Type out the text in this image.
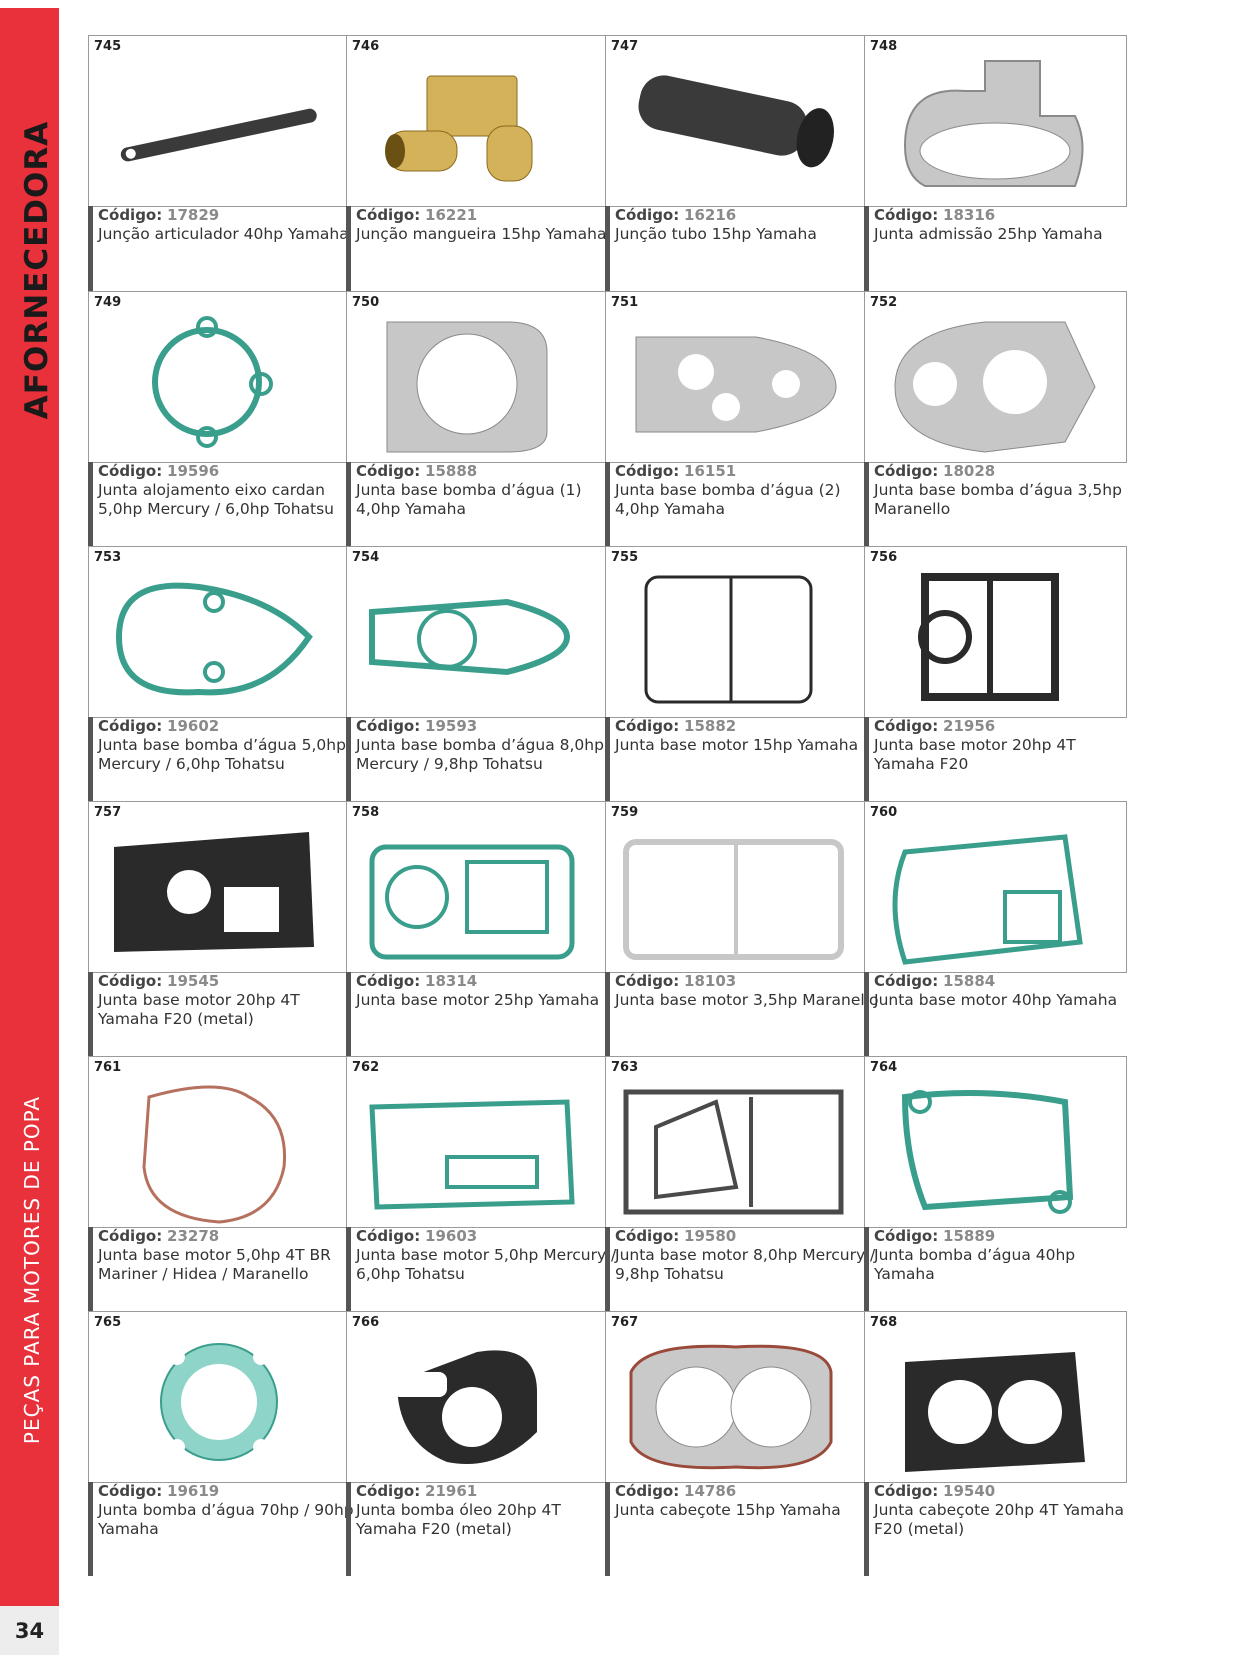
AFORNECEDORA
PEÇAS PARA MOTORES DE POPA
34
745
Código: 17829
Junção articulador 40hp Yamaha
746
Código: 16221
Junção mangueira 15hp Yamaha
747
Código: 16216
Junção tubo 15hp Yamaha
748
Código: 18316
Junta admissão 25hp Yamaha
749
Código: 19596
Junta alojamento eixo cardan
5,0hp Mercury / 6,0hp Tohatsu
750
Código: 15888
Junta base bomba d’água (1)
4,0hp Yamaha
751
Código: 16151
Junta base bomba d’água (2)
4,0hp Yamaha
752
Código: 18028
Junta base bomba d’água 3,5hp
Maranello
753
Código: 19602
Junta base bomba d’água 5,0hp
Mercury / 6,0hp Tohatsu
754
Código: 19593
Junta base bomba d’água 8,0hp
Mercury / 9,8hp Tohatsu
755
Código: 15882
Junta base motor 15hp Yamaha
756
Código: 21956
Junta base motor 20hp 4T
Yamaha F20
757
Código: 19545
Junta base motor 20hp 4T
Yamaha F20 (metal)
758
Código: 18314
Junta base motor 25hp Yamaha
759
Código: 18103
Junta base motor 3,5hp Maranello
760
Código: 15884
Junta base motor 40hp Yamaha
761
Código: 23278
Junta base motor 5,0hp 4T BR
Mariner / Hidea / Maranello
762
Código: 19603
Junta base motor 5,0hp Mercury /
6,0hp Tohatsu
763
Código: 19580
Junta base motor 8,0hp Mercury /
9,8hp Tohatsu
764
Código: 15889
Junta bomba d’água 40hp
Yamaha
765
Código: 19619
Junta bomba d’água 70hp / 90hp
Yamaha
766
Código: 21961
Junta bomba óleo 20hp 4T
Yamaha F20 (metal)
767
Código: 14786
Junta cabeçote 15hp Yamaha
768
Código: 19540
Junta cabeçote 20hp 4T Yamaha
F20 (metal)
